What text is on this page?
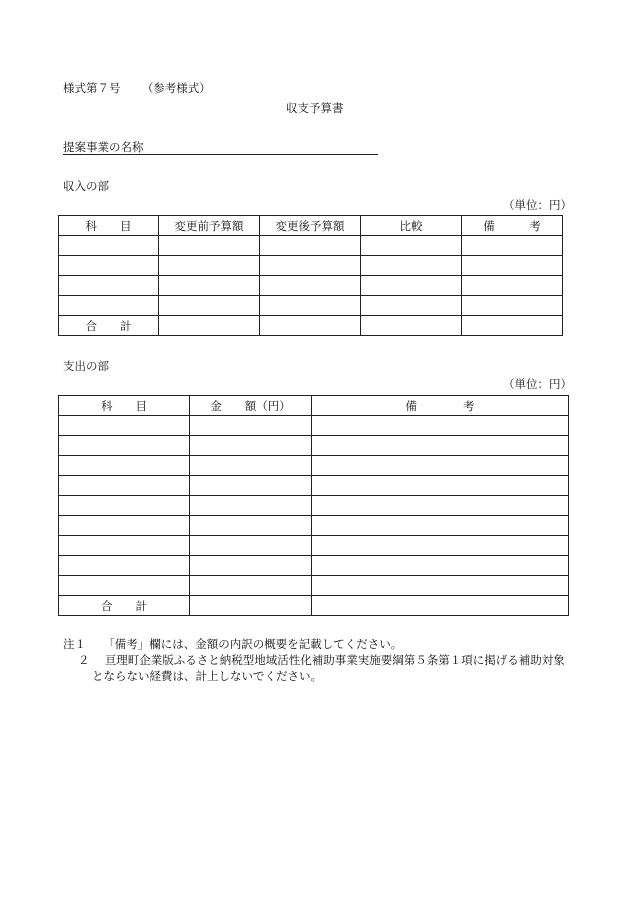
様式第７号 （参考様式）
収支予算書
提案事業の名称
収入の部
（単位：円）
科　　目	変更前予算額	変更後予算額	比較	備　　　考

合　　計				
支出の部
（単位：円）
科　　目	金　　額（円）	備　　　　考

合　　計		
注１ 「備考」欄には、金額の内訳の概要を記載してください。
２ 亘理町企業版ふるさと納税型地域活性化補助事業実施要綱第５条第１項に掲げる補助対象
とならない経費は、計上しないでください。
